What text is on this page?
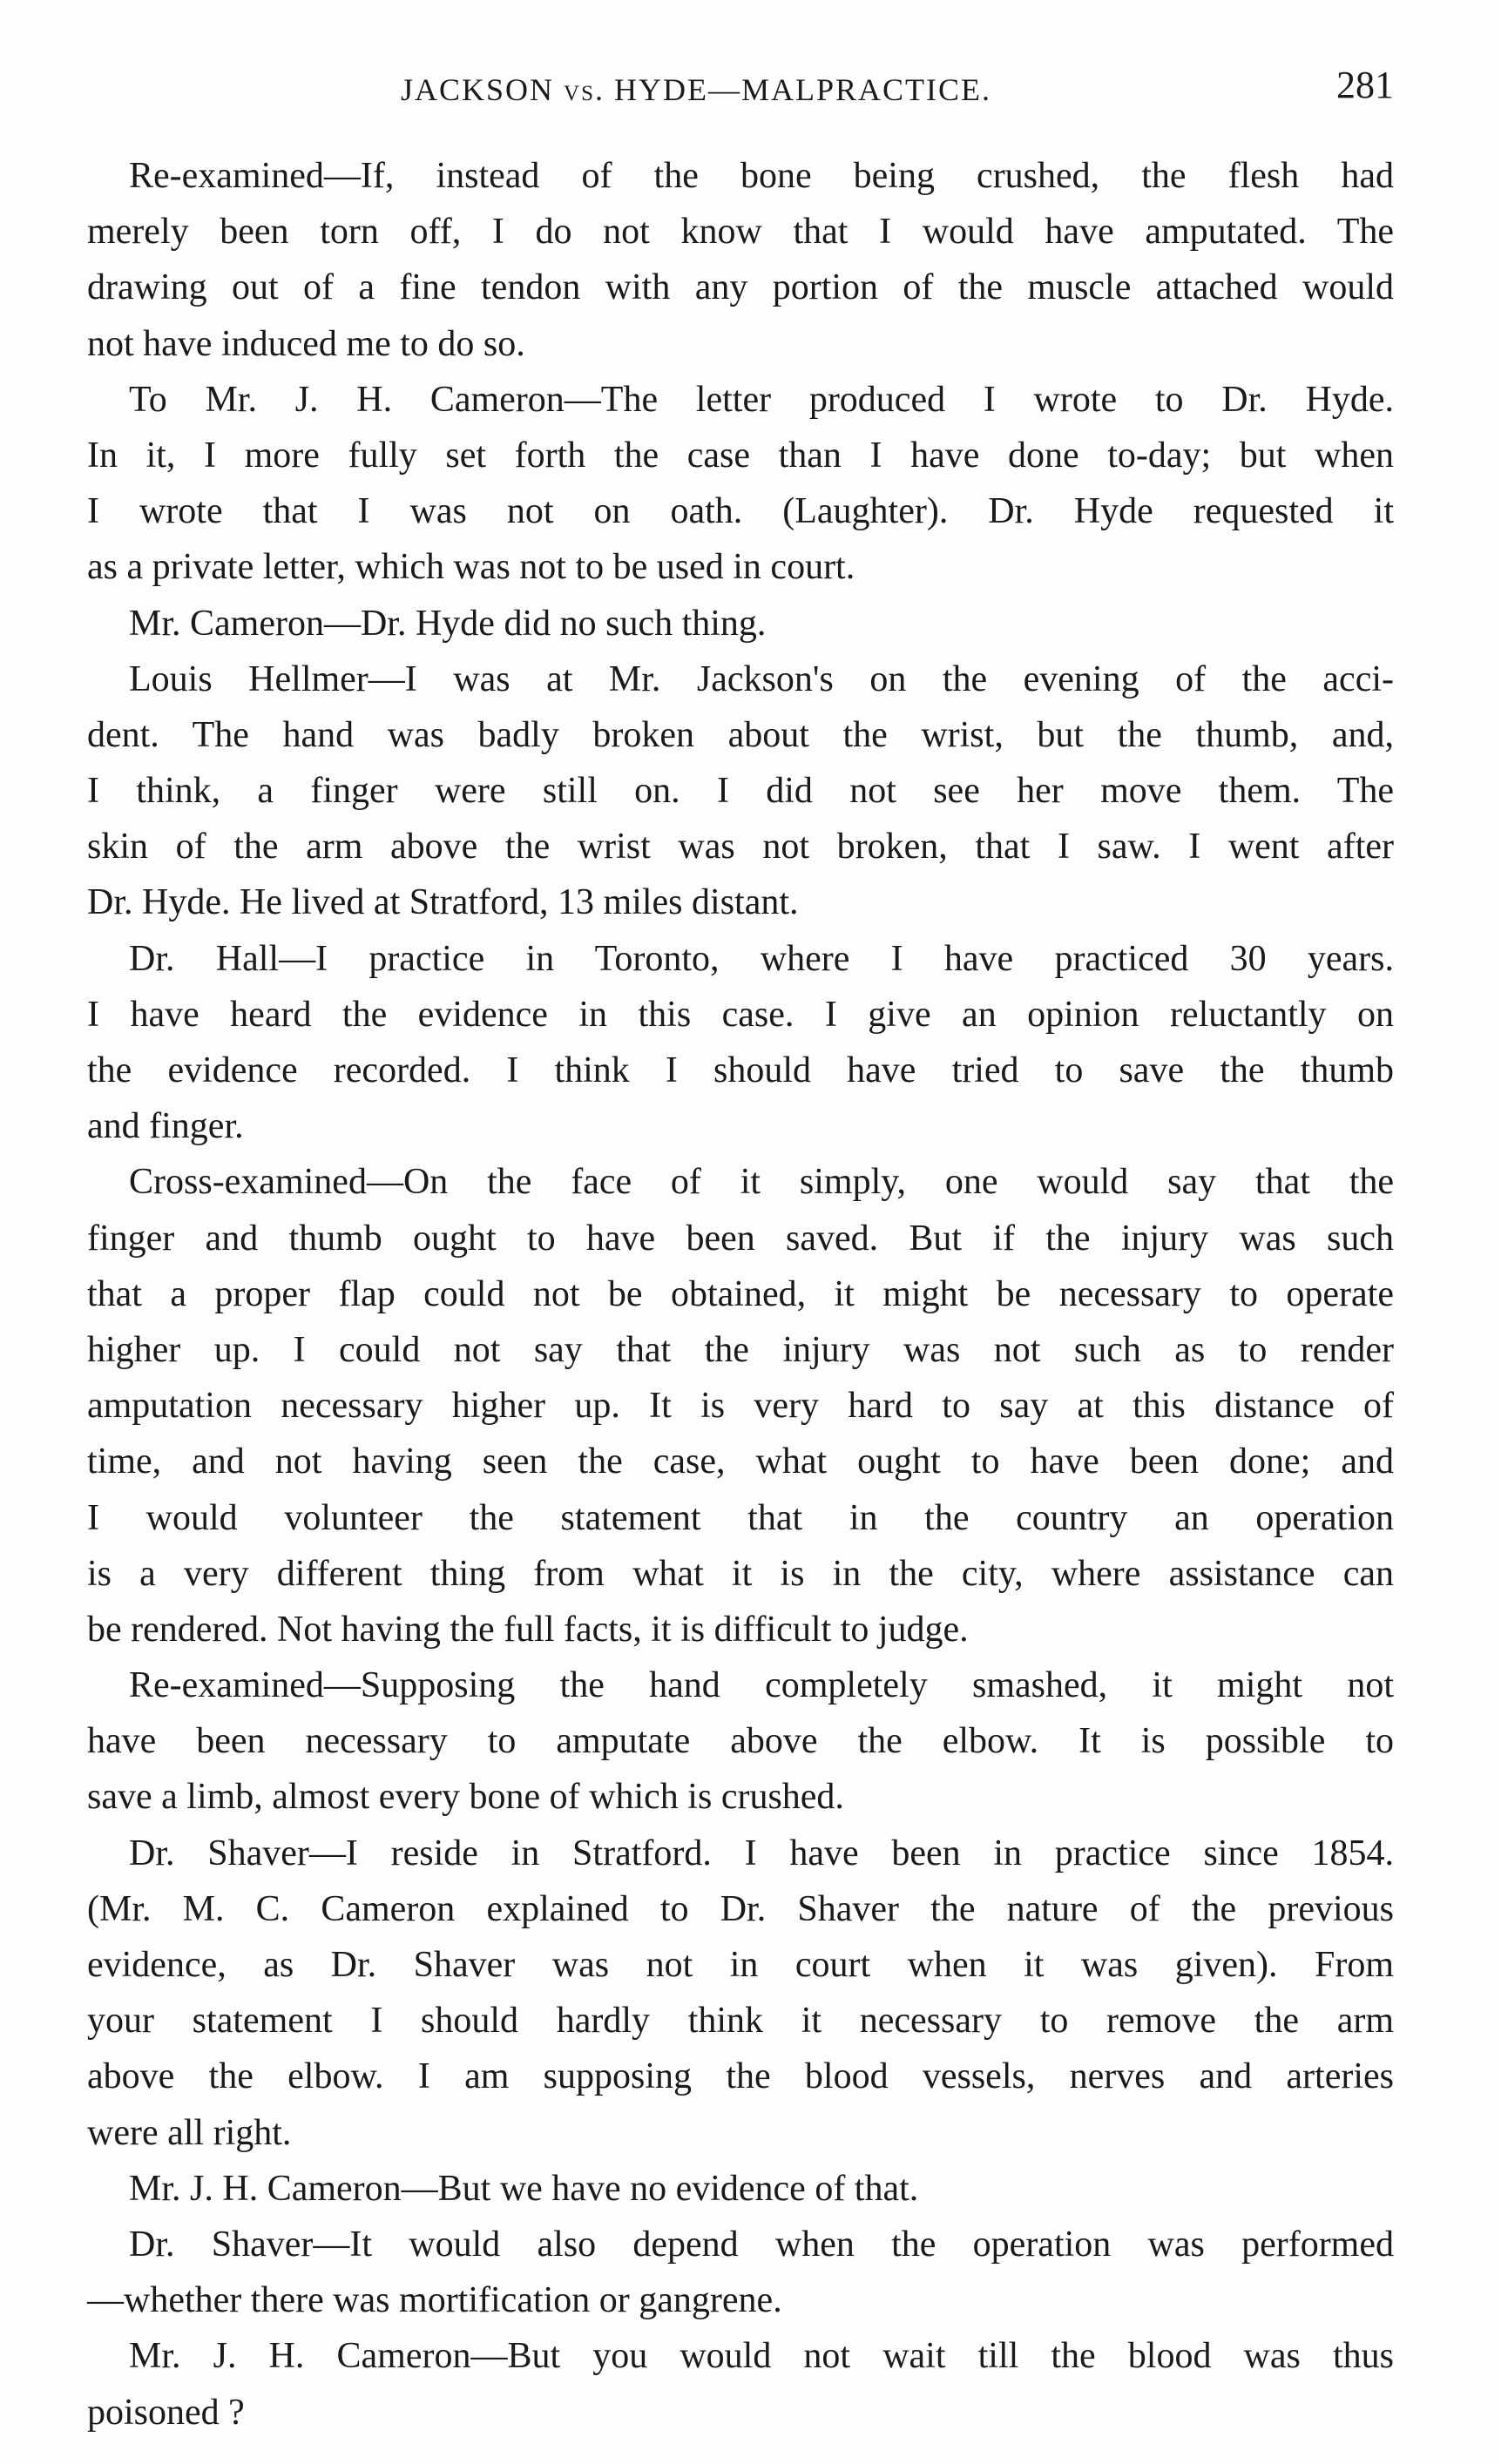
JACKSON vs. HYDE—MALPRACTICE.	281
Re-examined—If, instead of the bone being crushed, the flesh had
merely been torn off, I do not know that I would have amputated. The
drawing out of a fine tendon with any portion of the muscle attached would
not have induced me to do so.
To Mr. J. H. Cameron—The letter produced I wrote to Dr. Hyde.
In it, I more fully set forth the case than I have done to-day; but when
I wrote that I was not on oath. (Laughter). Dr. Hyde requested it
as a private letter, which was not to be used in court.
Mr. Cameron—Dr. Hyde did no such thing.
Louis Hellmer—I was at Mr. Jackson's on the evening of the acci-
dent. The hand was badly broken about the wrist, but the thumb, and,
I think, a finger were still on. I did not see her move them. The
skin of the arm above the wrist was not broken, that I saw. I went after
Dr. Hyde. He lived at Stratford, 13 miles distant.
Dr. Hall—I practice in Toronto, where I have practiced 30 years.
I have heard the evidence in this case. I give an opinion reluctantly on
the evidence recorded. I think I should have tried to save the thumb
and finger.
Cross-examined—On the face of it simply, one would say that the
finger and thumb ought to have been saved. But if the injury was such
that a proper flap could not be obtained, it might be necessary to operate
higher up. I could not say that the injury was not such as to render
amputation necessary higher up. It is very hard to say at this distance of
time, and not having seen the case, what ought to have been done; and
I would volunteer the statement that in the country an operation
is a very different thing from what it is in the city, where assistance can
be rendered. Not having the full facts, it is difficult to judge.
Re-examined—Supposing the hand completely smashed, it might not
have been necessary to amputate above the elbow. It is possible to
save a limb, almost every bone of which is crushed.
Dr. Shaver—I reside in Stratford. I have been in practice since 1854.
(Mr. M. C. Cameron explained to Dr. Shaver the nature of the previous
evidence, as Dr. Shaver was not in court when it was given). From
your statement I should hardly think it necessary to remove the arm
above the elbow. I am supposing the blood vessels, nerves and arteries
were all right.
Mr. J. H. Cameron—But we have no evidence of that.
Dr. Shaver—It would also depend when the operation was performed
—whether there was mortification or gangrene.
Mr. J. H. Cameron—But you would not wait till the blood was thus
poisoned ?
